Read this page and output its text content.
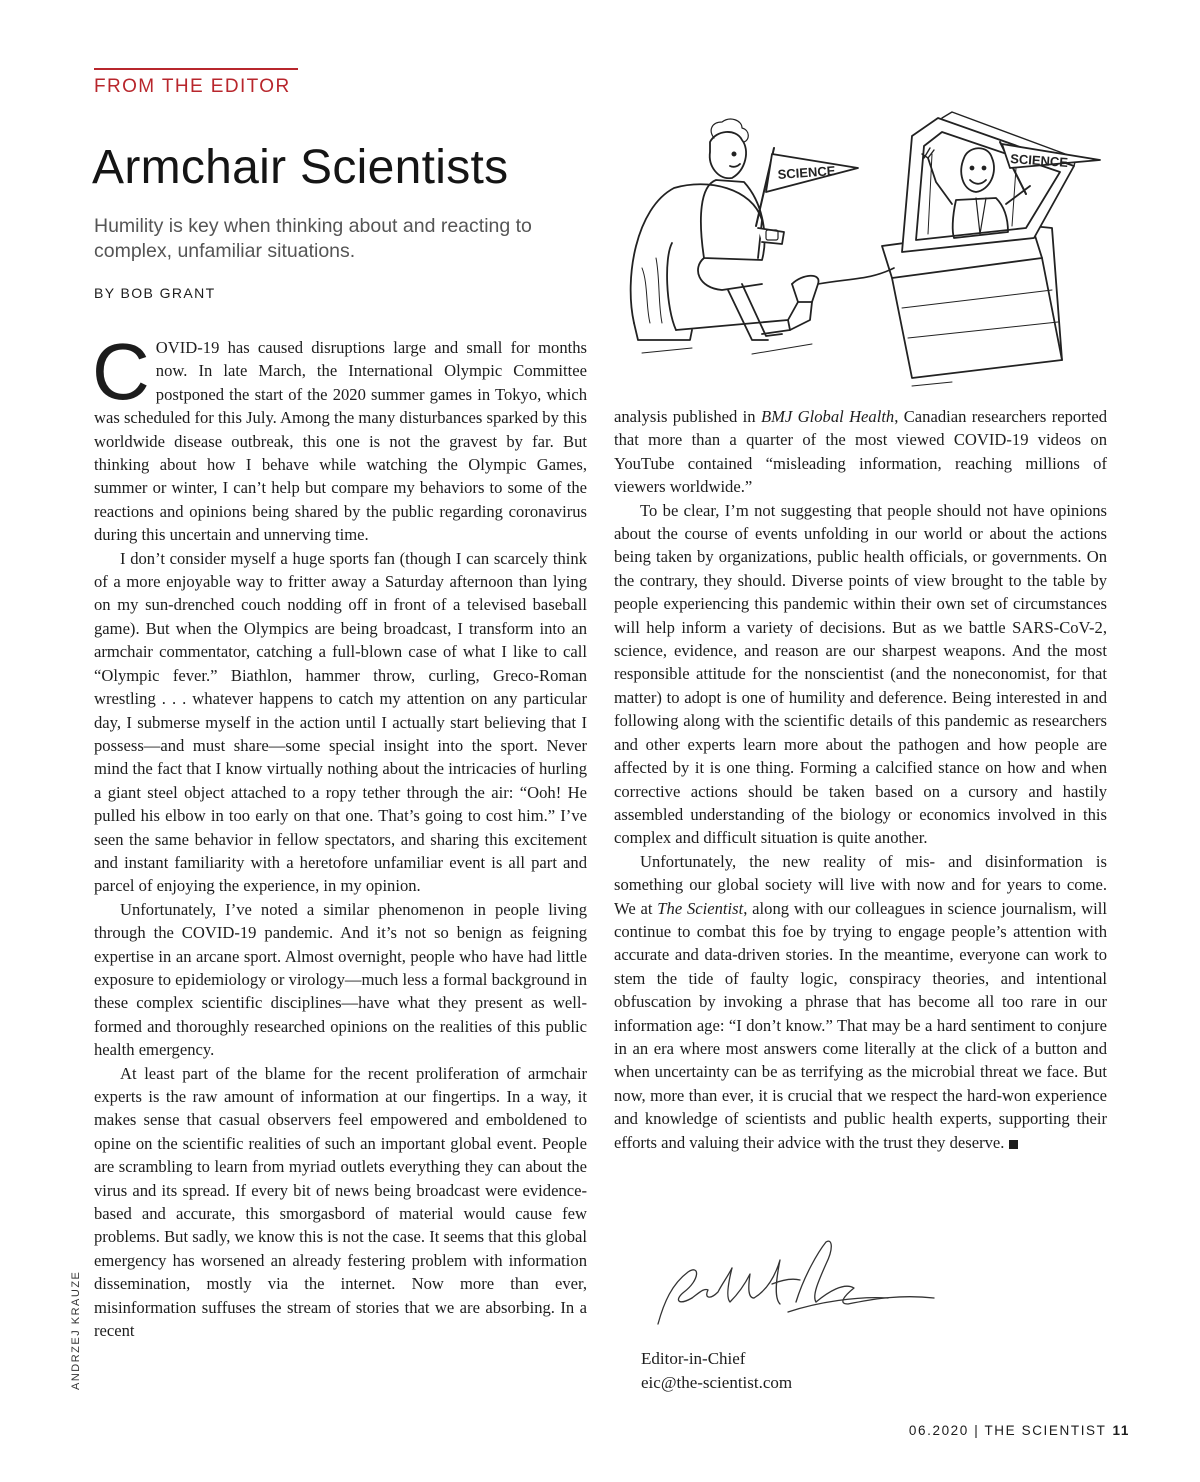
FROM THE EDITOR
Armchair Scientists

Humility is key when thinking about and reacting to complex, unfamiliar situations.

BY BOB GRANT

COVID-19 has caused disruptions large and small for months now. In late March, the International Olympic Committee postponed the start of the 2020 summer games in Tokyo, which was scheduled for this July. Among the many disturbances sparked by this worldwide disease outbreak, this one is not the gravest by far. But thinking about how I behave while watching the Olympic Games, summer or winter, I can’t help but compare my behaviors to some of the reactions and opinions being shared by the public regarding coronavirus during this uncertain and unnerving time.

I don’t consider myself a huge sports fan (though I can scarcely think of a more enjoyable way to fritter away a Saturday afternoon than lying on my sun-drenched couch nodding off in front of a televised baseball game). But when the Olympics are being broadcast, I transform into an armchair commentator, catching a full-blown case of what I like to call “Olympic fever.” Biathlon, hammer throw, curling, Greco-Roman wrestling . . . whatever happens to catch my attention on any particular day, I submerse myself in the action until I actually start believing that I possess—and must share—some special insight into the sport. Never mind the fact that I know virtually nothing about the intricacies of hurling a giant steel object attached to a ropy tether through the air: “Ooh! He pulled his elbow in too early on that one. That’s going to cost him.” I’ve seen the same behavior in fellow spectators, and sharing this excitement and instant familiarity with a heretofore unfamiliar event is all part and parcel of enjoying the experience, in my opinion.

Unfortunately, I’ve noted a similar phenomenon in people living through the COVID-19 pandemic. And it’s not so benign as feigning expertise in an arcane sport. Almost overnight, people who have had little exposure to epidemiology or virology—much less a formal background in these complex scientific disciplines—have what they present as well-formed and thoroughly researched opinions on the realities of this public health emergency.

At least part of the blame for the recent proliferation of armchair experts is the raw amount of information at our fingertips. In a way, it makes sense that casual observers feel empowered and emboldened to opine on the scientific realities of such an important global event. People are scrambling to learn from myriad outlets everything they can about the virus and its spread. If every bit of news being broadcast were evidence-based and accurate, this smorgasbord of material would cause few problems. But sadly, we know this is not the case. It seems that this global emergency has worsened an already festering problem with information dissemination, mostly via the internet. Now more than ever, misinformation suffuses the stream of stories that we are absorbing. In a recent

SCIENCE
SCIENCE

analysis published in BMJ Global Health, Canadian researchers reported that more than a quarter of the most viewed COVID-19 videos on YouTube contained “misleading information, reaching millions of viewers worldwide.”

To be clear, I’m not suggesting that people should not have opinions about the course of events unfolding in our world or about the actions being taken by organizations, public health officials, or governments. On the contrary, they should. Diverse points of view brought to the table by people experiencing this pandemic within their own set of circumstances will help inform a variety of decisions. But as we battle SARS-CoV-2, science, evidence, and reason are our sharpest weapons. And the most responsible attitude for the nonscientist (and the noneconomist, for that matter) to adopt is one of humility and deference. Being interested in and following along with the scientific details of this pandemic as researchers and other experts learn more about the pathogen and how people are affected by it is one thing. Forming a calcified stance on how and when corrective actions should be taken based on a cursory and hastily assembled understanding of the biology or economics involved in this complex and difficult situation is quite another.

Unfortunately, the new reality of mis- and disinformation is something our global society will live with now and for years to come. We at The Scientist, along with our colleagues in science journalism, will continue to combat this foe by trying to engage people’s attention with accurate and data-driven stories. In the meantime, everyone can work to stem the tide of faulty logic, conspiracy theories, and intentional obfuscation by invoking a phrase that has become all too rare in our information age: “I don’t know.” That may be a hard sentiment to conjure in an era where most answers come literally at the click of a button and when uncertainty can be as terrifying as the microbial threat we face. But now, more than ever, it is crucial that we respect the hard-won experience and knowledge of scientists and public health experts, supporting their efforts and valuing their advice with the trust they deserve.

Editor-in-Chief
eic@the-scientist.com
ANDRZEJ KRAUZE
06.2020 | THE SCIENTIST 11
